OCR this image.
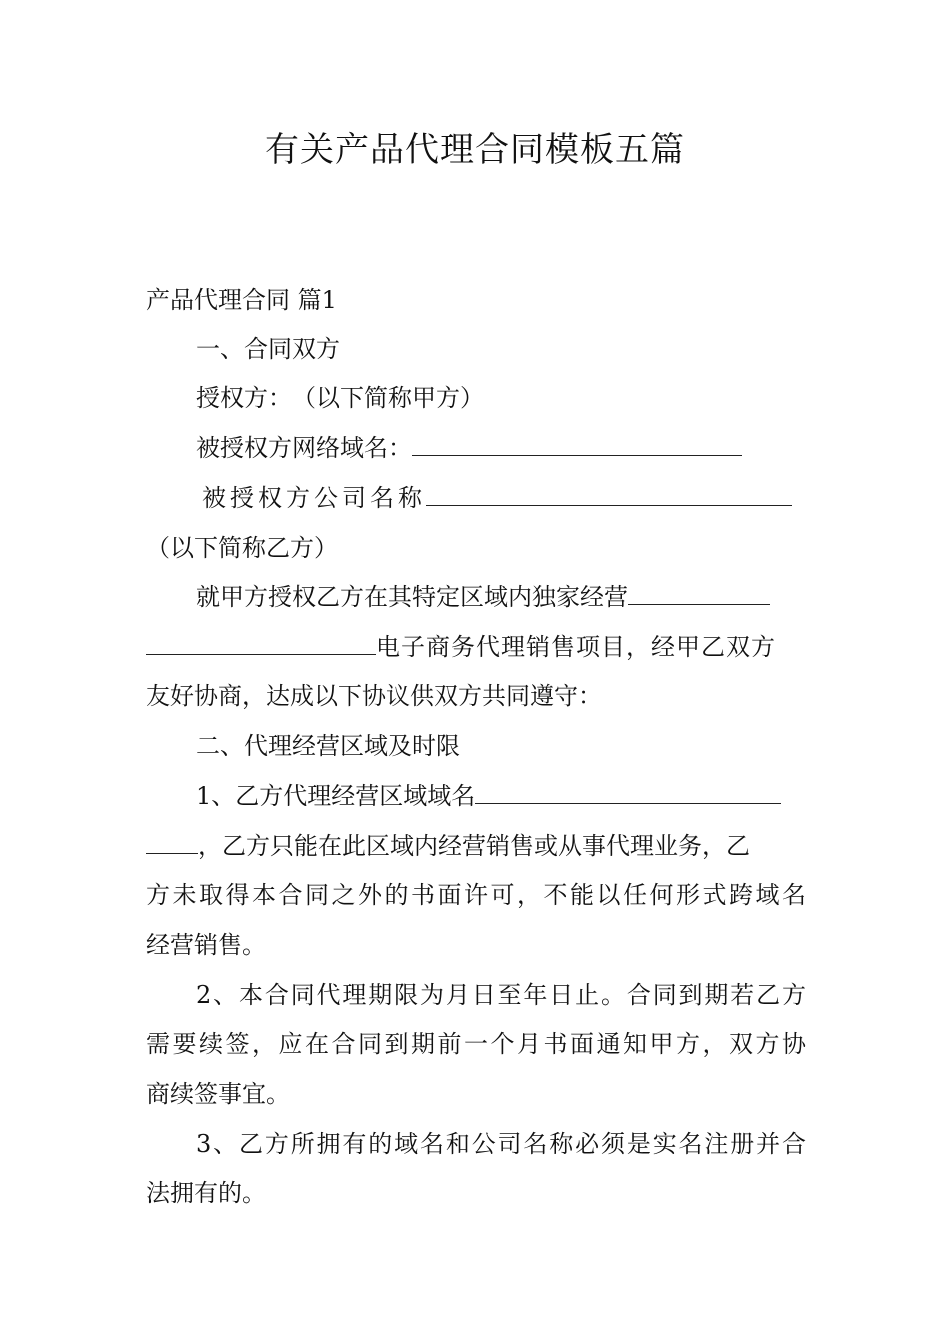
有关产品代理合同模板五篇
产品代理合同 篇1
一、合同双方
授权方：　（以下简称甲方）
被授权方网络域名：
被授权方公司名称
（以下简称乙方）
就甲方授权乙方在其特定区域内独家经营
电子商务代理销售项目，经甲乙双方
友好协商，达成以下协议供双方共同遵守：
二、代理经营区域及时限
1、乙方代理经营区域域名
，乙方只能在此区域内经营销售或从事代理业务，乙
方未取得本合同之外的书面许可，不能以任何形式跨域名
经营销售。
2、本合同代理期限为月日至年日止。合同到期若乙方
需要续签，应在合同到期前一个月书面通知甲方，双方协
商续签事宜。
3、乙方所拥有的域名和公司名称必须是实名注册并合
法拥有的。
